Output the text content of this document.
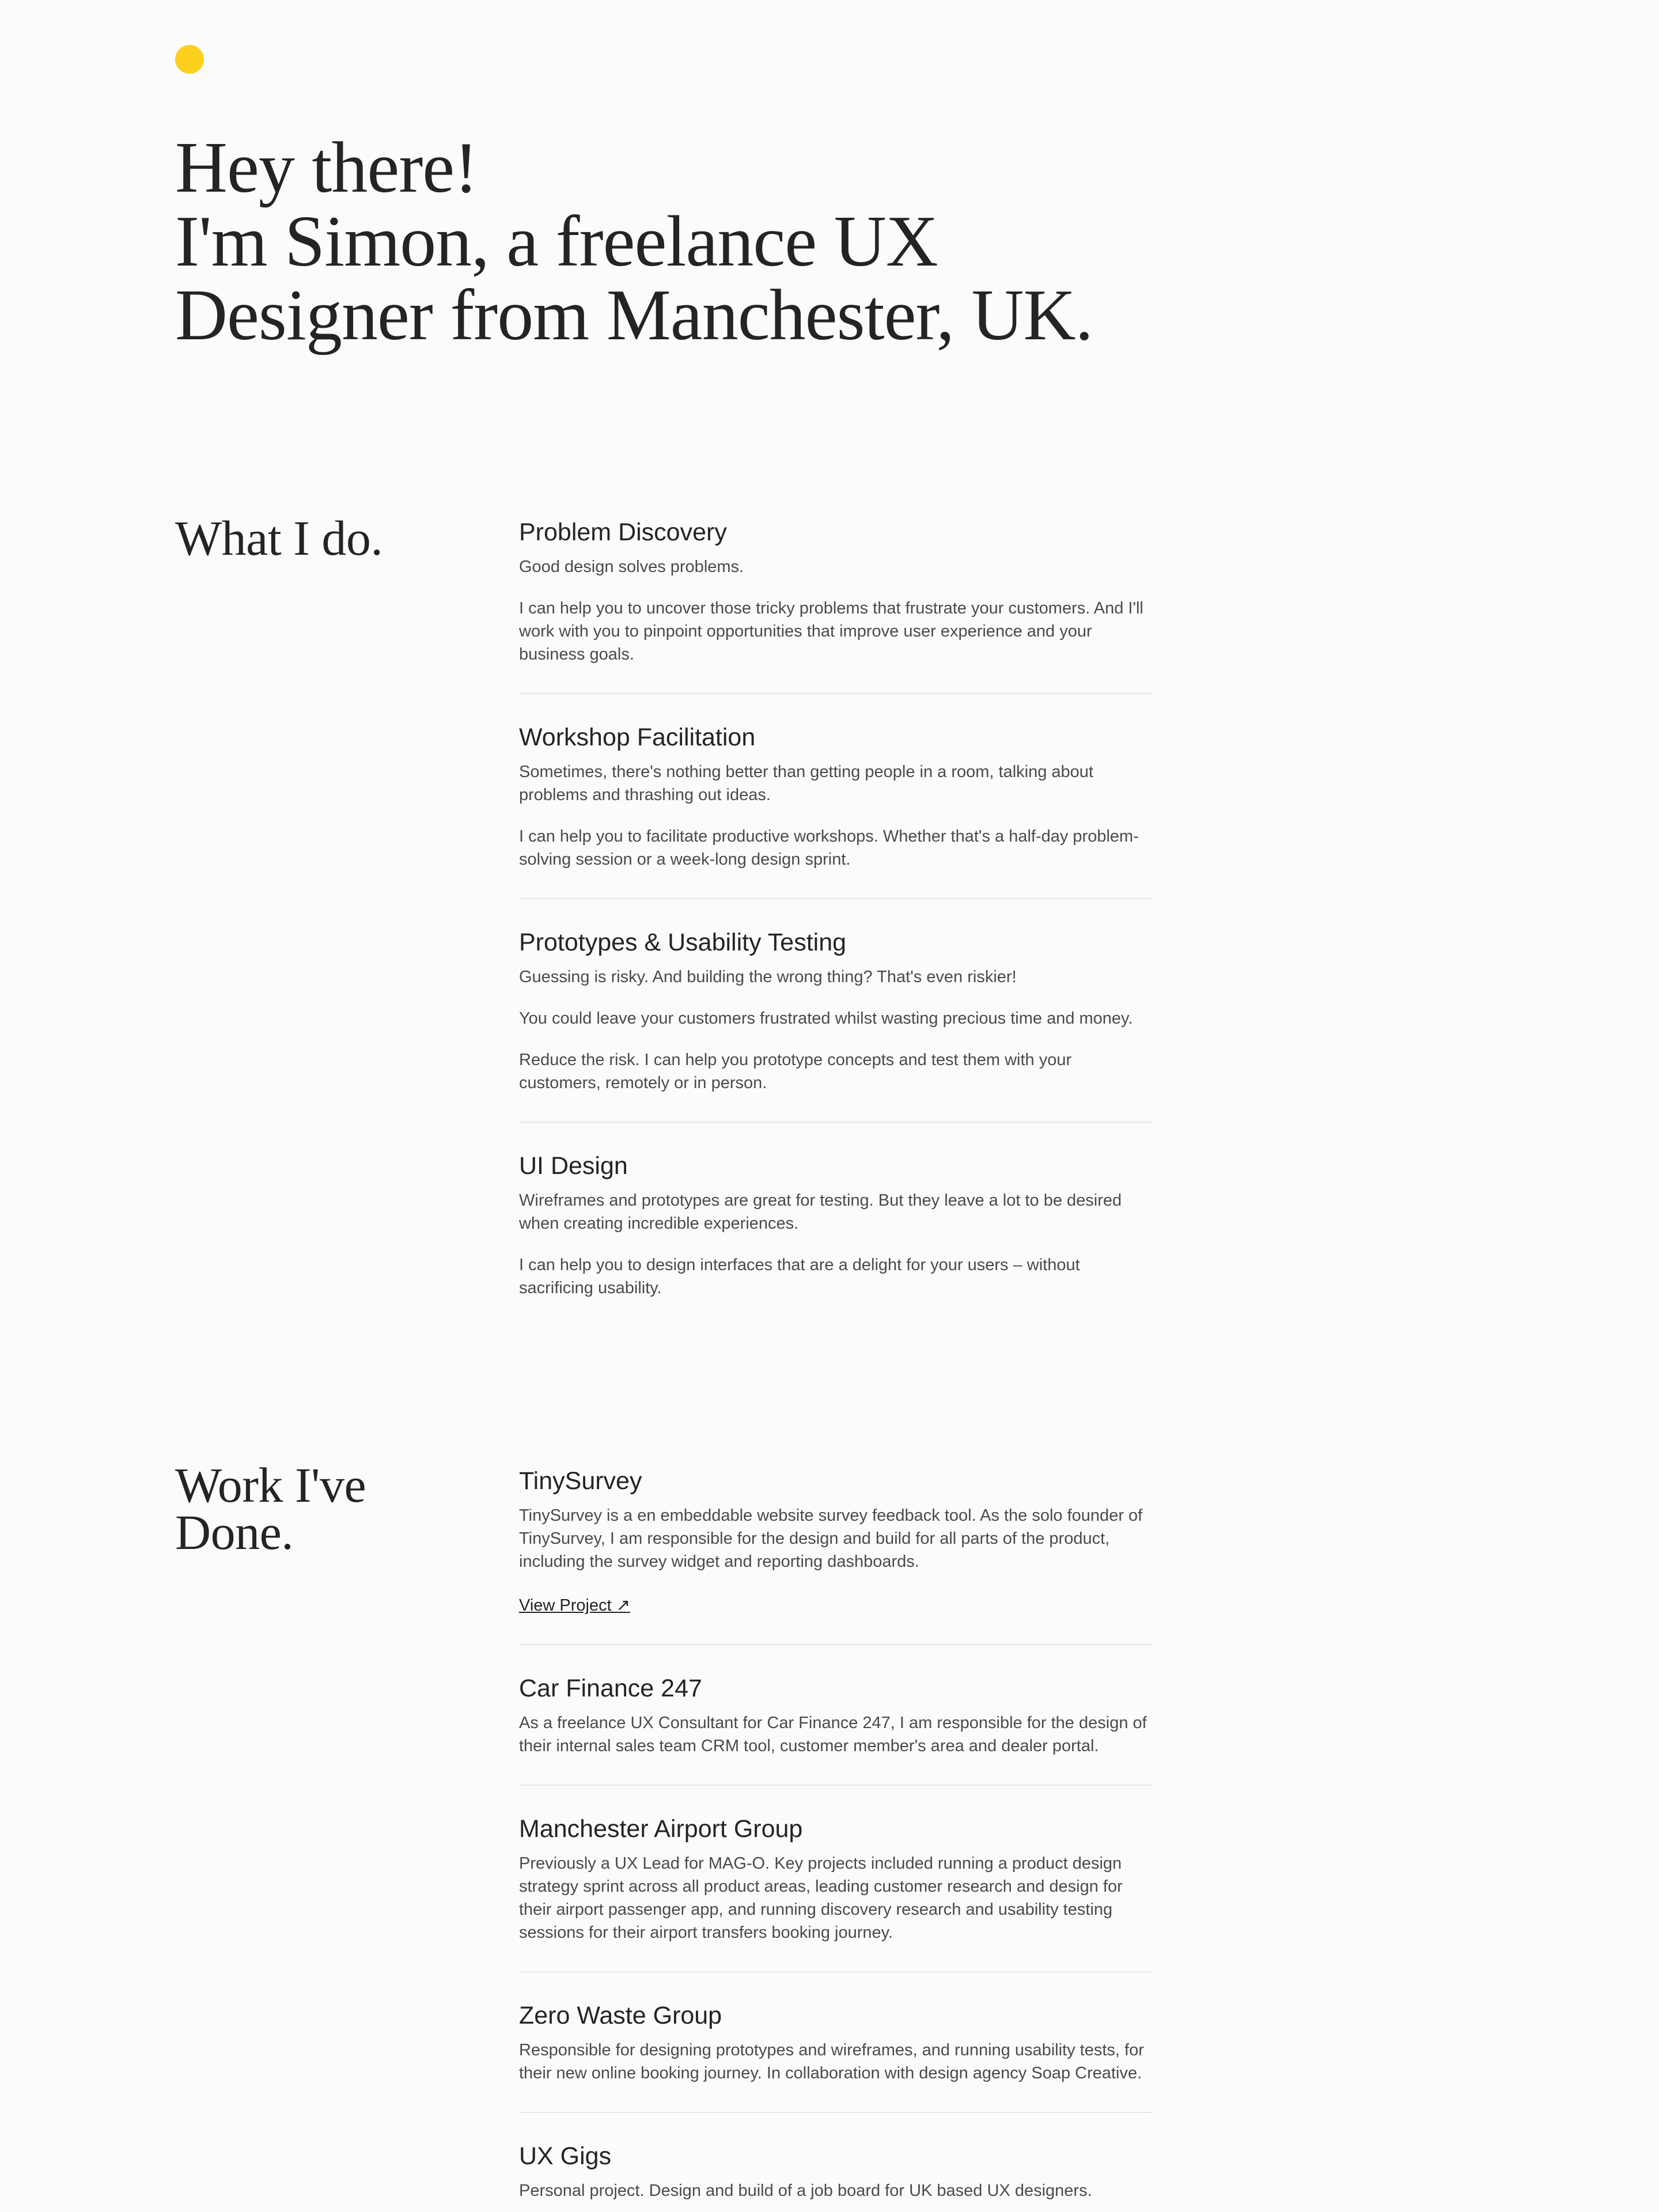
Hey there!
I'm Simon, a freelance UX
Designer from Manchester, UK.
What I do.	Problem Discovery

Good design solves problems.

I can help you to uncover those tricky problems that frustrate your customers. And I'll work with you to pinpoint opportunities that improve user experience and your business goals.

Workshop Facilitation

Sometimes, there's nothing better than getting people in a room, talking about problems and thrashing out ideas.

I can help you to facilitate productive workshops. Whether that's a half-day problem-solving session or a week-long design sprint.

Prototypes & Usability Testing

Guessing is risky. And building the wrong thing? That's even riskier!

You could leave your customers frustrated whilst wasting precious time and money.

Reduce the risk. I can help you prototype concepts and test them with your customers, remotely or in person.

UI Design

Wireframes and prototypes are great for testing. But they leave a lot to be desired when creating incredible experiences.

I can help you to design interfaces that are a delight for your users – without sacrificing usability.

Work I've
Done.
TinySurvey

TinySurvey is a en embeddable website survey feedback tool. As the solo founder of TinySurvey, I am responsible for the design and build for all parts of the product, including the survey widget and reporting dashboards.

View Project ↗
Car Finance 247

As a freelance UX Consultant for Car Finance 247, I am responsible for the design of their internal sales team CRM tool, customer member's area and dealer portal.

Manchester Airport Group

Previously a UX Lead for MAG-O. Key projects included running a product design strategy sprint across all product areas, leading customer research and design for their airport passenger app, and running discovery research and usability testing sessions for their airport transfers booking journey.

Zero Waste Group

Responsible for designing prototypes and wireframes, and running usability tests, for their new online booking journey. In collaboration with design agency Soap Creative.

UX Gigs

Personal project. Design and build of a job board for UK based UX designers.
